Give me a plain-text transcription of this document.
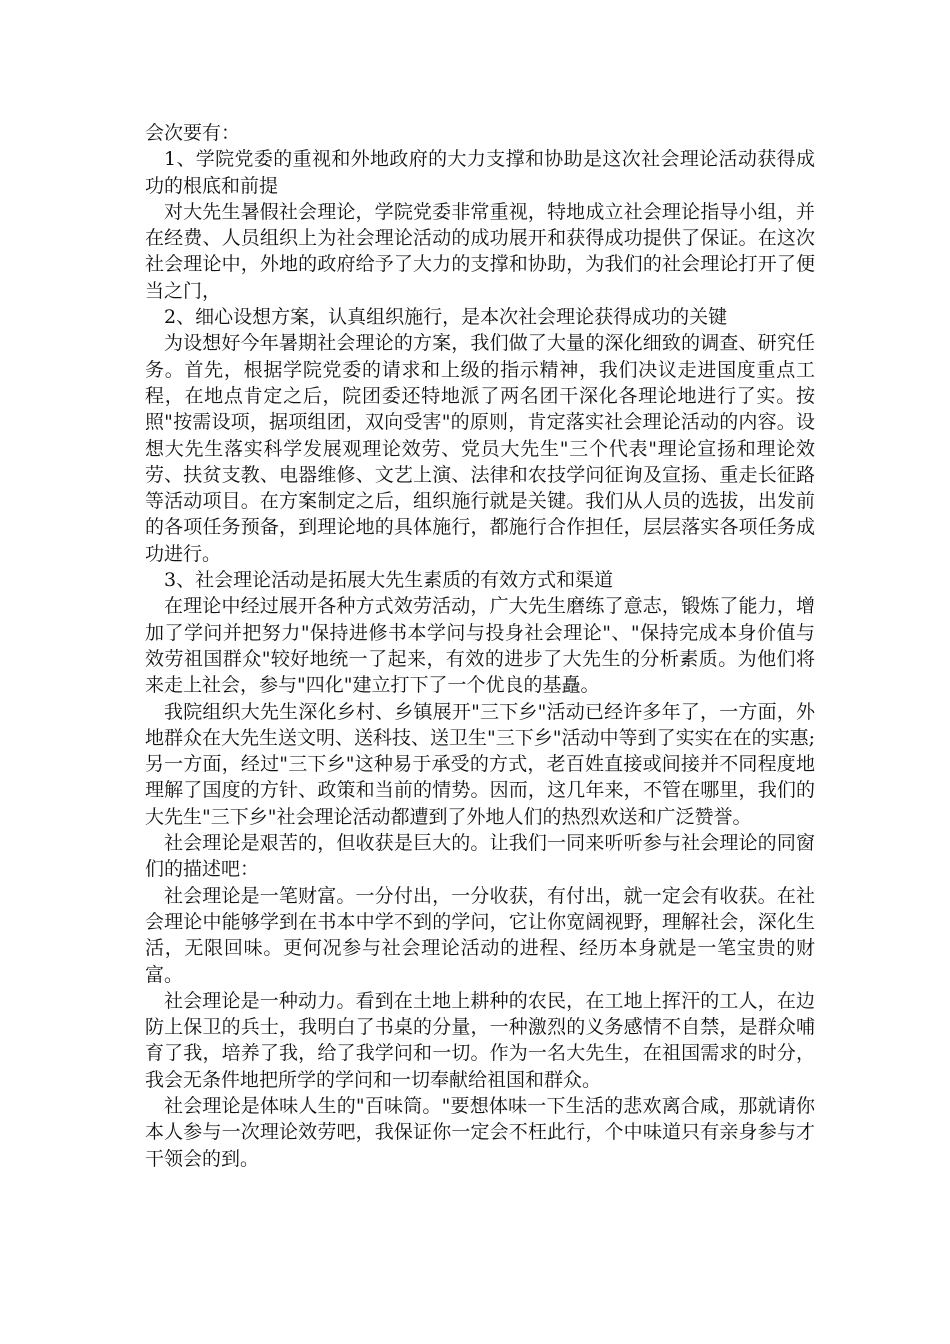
会次要有：

1、学院党委的重视和外地政府的大力支撑和协助是这次社会理论活动获得成功的根底和前提

对大先生暑假社会理论，学院党委非常重视，特地成立社会理论指导小组，并在经费、人员组织上为社会理论活动的成功展开和获得成功提供了保证。在这次社会理论中，外地的政府给予了大力的支撑和协助，为我们的社会理论打开了便当之门，

2、细心设想方案，认真组织施行，是本次社会理论获得成功的关键

为设想好今年暑期社会理论的方案，我们做了大量的深化细致的调查、研究任务。首先，根据学院党委的请求和上级的指示精神，我们决议走进国度重点工程，在地点肯定之后，院团委还特地派了两名团干深化各理论地进行了实。按照"按需设项，据项组团，双向受害"的原则，肯定落实社会理论活动的内容。设想大先生落实科学发展观理论效劳、党员大先生"三个代表"理论宣扬和理论效劳、扶贫支教、电器维修、文艺上演、法律和农技学问征询及宣扬、重走长征路等活动项目。在方案制定之后，组织施行就是关键。我们从人员的选拔，出发前的各项任务预备，到理论地的具体施行，都施行合作担任，层层落实各项任务成功进行。

3、社会理论活动是拓展大先生素质的有效方式和渠道

在理论中经过展开各种方式效劳活动，广大先生磨练了意志，锻炼了能力，增加了学问并把努力"保持进修书本学问与投身社会理论"、"保持完成本身价值与效劳祖国群众"较好地统一了起来，有效的进步了大先生的分析素质。为他们将来走上社会，参与"四化"建立打下了一个优良的基矗。

我院组织大先生深化乡村、乡镇展开"三下乡"活动已经许多年了，一方面，外地群众在大先生送文明、送科技、送卫生"三下乡"活动中等到了实实在在的实惠;另一方面，经过"三下乡"这种易于承受的方式，老百姓直接或间接并不同程度地理解了国度的方针、政策和当前的情势。因而，这几年来，不管在哪里，我们的大先生"三下乡"社会理论活动都遭到了外地人们的热烈欢送和广泛赞誉。

社会理论是艰苦的，但收获是巨大的。让我们一同来听听参与社会理论的同窗们的描述吧：

社会理论是一笔财富。一分付出，一分收获，有付出，就一定会有收获。在社会理论中能够学到在书本中学不到的学问，它让你宽阔视野，理解社会，深化生活，无限回味。更何况参与社会理论活动的进程、经历本身就是一笔宝贵的财富。

社会理论是一种动力。看到在土地上耕种的农民，在工地上挥汗的工人，在边防上保卫的兵士，我明白了书桌的分量，一种激烈的义务感情不自禁，是群众哺育了我，培养了我，给了我学问和一切。作为一名大先生，在祖国需求的时分，我会无条件地把所学的学问和一切奉献给祖国和群众。

社会理论是体味人生的"百味筒。"要想体味一下生活的悲欢离合咸，那就请你本人参与一次理论效劳吧，我保证你一定会不枉此行，个中味道只有亲身参与才干领会的到。
